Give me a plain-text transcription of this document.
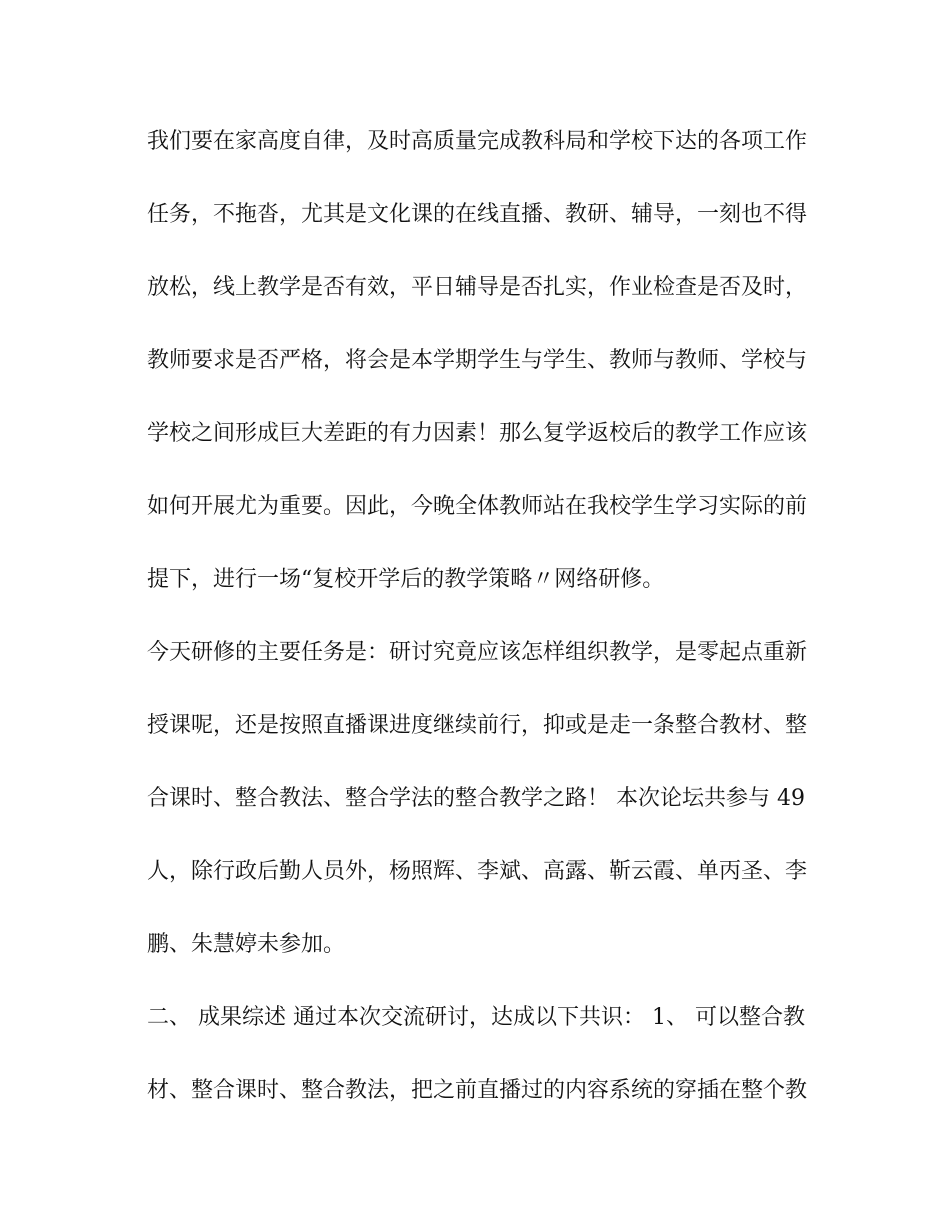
我们要在家高度自律，及时高质量完成教科局和学校下达的各项工作
任务，不拖沓，尤其是文化课的在线直播、教研、辅导，一刻也不得
放松，线上教学是否有效，平日辅导是否扎实，作业检查是否及时，
教师要求是否严格，将会是本学期学生与学生、教师与教师、学校与
学校之间形成巨大差距的有力因素！那么复学返校后的教学工作应该
如何开展尤为重要。因此，今晚全体教师站在我校学生学习实际的前
提下，进行一场“复校开学后的教学策略〃网络研修。
今天研修的主要任务是：研讨究竟应该怎样组织教学，是零起点重新
授课呢，还是按照直播课进度继续前行，抑或是走一条整合教材、整
合课时、整合教法、整合学法的整合教学之路！ 本次论坛共参与 49
人，除行政后勤人员外，杨照辉、李斌、高露、靳云霞、单丙圣、李
鹏、朱慧婷未参加。
二、 成果综述 通过本次交流研讨，达成以下共识： 1、 可以整合教
材、整合课时、整合教法，把之前直播过的内容系统的穿插在整个教
